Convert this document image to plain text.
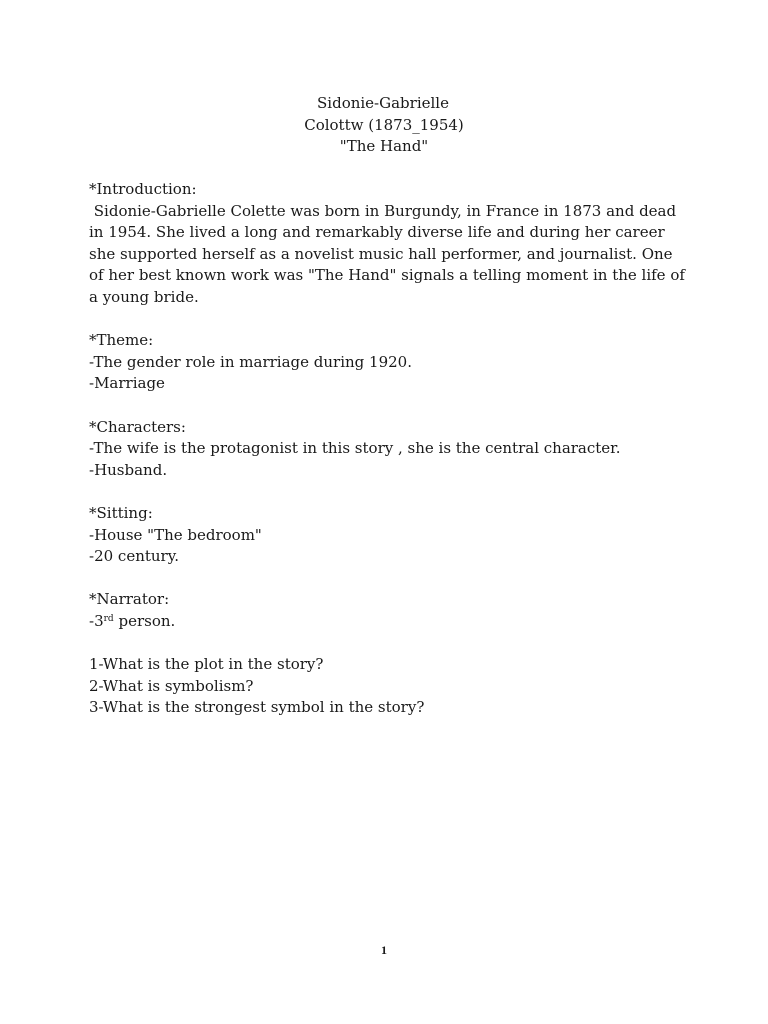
Sidonie-Gabrielle
Colottw (1873_1954)
"The Hand"
*Introduction:
Sidonie-Gabrielle Colette was born in Burgundy, in France in 1873 and dead
in 1954. She lived a long and remarkably diverse life and during her career
she supported herself as a novelist music hall performer, and journalist. One
of her best known work was "The Hand" signals a telling moment in the life of
a young bride.
*Theme:
-The gender role in marriage during 1920.
-Marriage
*Characters:
-The wife is the protagonist in this story , she is the central character.
-Husband.
*Sitting:
-House "The bedroom"
-20 century.
*Narrator:
-3rd person.
1-What is the plot in the story?
2-What is symbolism?
3-What is the strongest symbol in the story?
1
